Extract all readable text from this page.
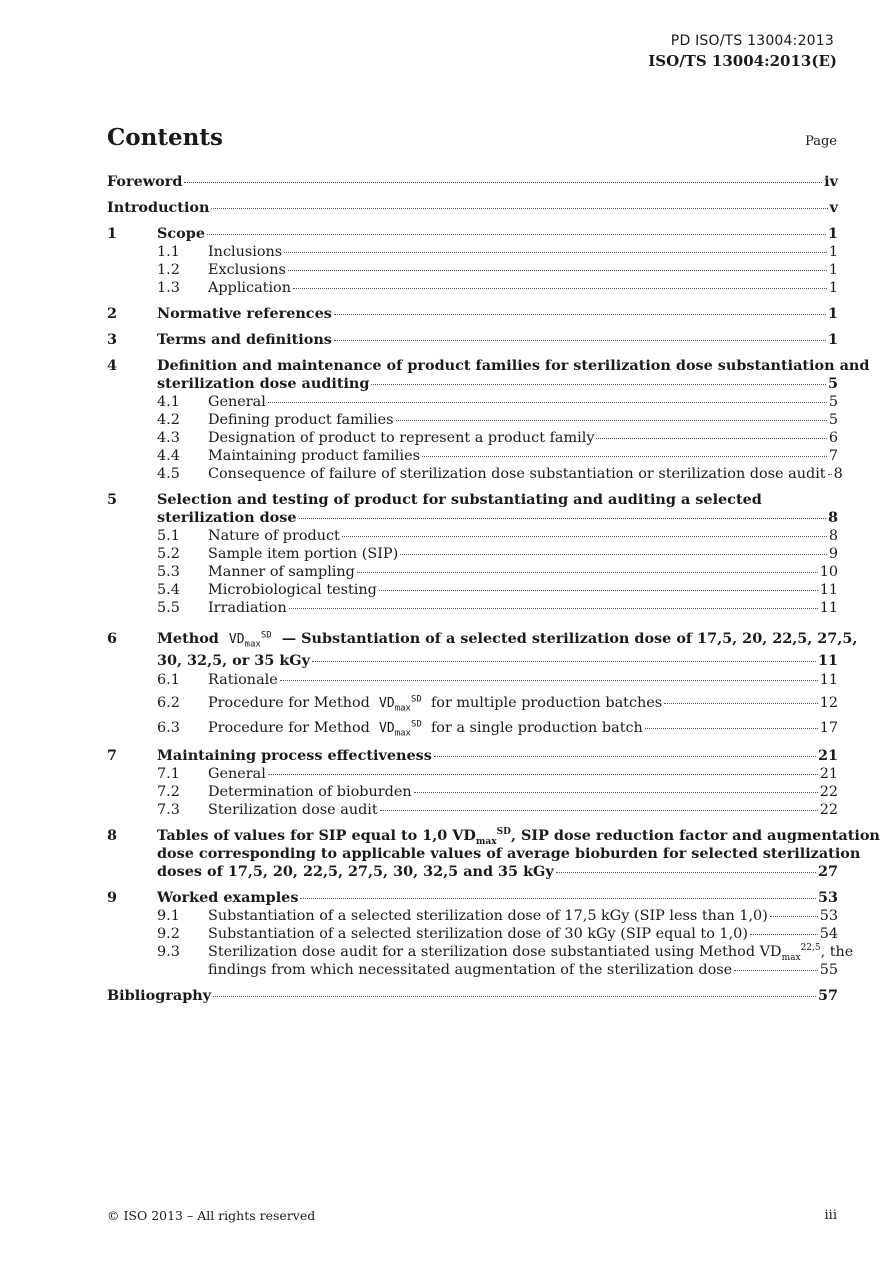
PD ISO/TS 13004:2013
ISO/TS 13004:2013(E)
Contents	Page
Foreword	iv
Introduction	v
1	Scope	1
1.1	Inclusions	1
1.2	Exclusions	1
1.3	Application	1
2	Normative references	1
3	Terms and definitions	1
4	Definition and maintenance of product families for sterilization dose substantiation and
sterilization dose auditing	5
4.1	General	5
4.2	Defining product families	5
4.3	Designation of product to represent a product family	6
4.4	Maintaining product families	7
4.5	Consequence of failure of sterilization dose substantiation or sterilization dose audit 8
5	Selection and testing of product for substantiating and auditing a selected
sterilization dose	8
5.1	Nature of product	8
5.2	Sample item portion (SIP)	9
5.3	Manner of sampling	10
5.4	Microbiological testing	11
5.5	Irradiation	11
6	Method $VD_{max}^{SD}$ — Substantiation of a selected sterilization dose of 17,5, 20, 22,5, 27,5,
30, 32,5, or 35 kGy	11
6.1	Rationale	11
6.2	Procedure for Method $VD_{max}^{SD}$ for multiple production batches	12
6.3	Procedure for Method $VD_{max}^{SD}$ for a single production batch	17
7	Maintaining process effectiveness	21
7.1	General	21
7.2	Determination of bioburden	22
7.3	Sterilization dose audit	22
8	Tables of values for SIP equal to 1,0 $VD_{max}^{SD}$, SIP dose reduction factor and augmentation
dose corresponding to applicable values of average bioburden for selected sterilization
doses of 17,5, 20, 22,5, 27,5, 30, 32,5 and 35 kGy	27
9	Worked examples	53
9.1	Substantiation of a selected sterilization dose of 17,5 kGy (SIP less than 1,0)	53
9.2	Substantiation of a selected sterilization dose of 30 kGy (SIP equal to 1,0)	54
9.3	Sterilization dose audit for a sterilization dose substantiated using Method $VD_{max}^{22,5}$, the
findings from which necessitated augmentation of the sterilization dose	55
Bibliography	57
© ISO 2013 – All rights reserved	iii
